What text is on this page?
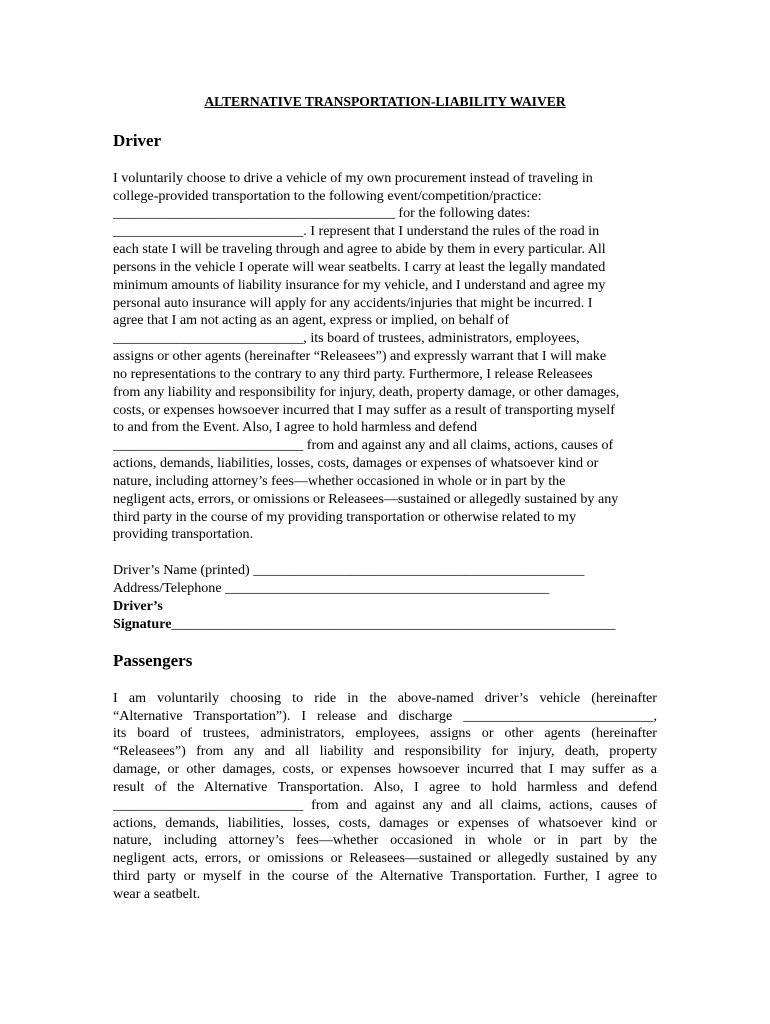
ALTERNATIVE TRANSPORTATION-LIABILITY WAIVER
Driver
I voluntarily choose to drive a vehicle of my own procurement instead of traveling in
college-provided transportation to the following event/competition/practice:
________________________________________ for the following dates:
___________________________. I represent that I understand the rules of the road in
each state I will be traveling through and agree to abide by them in every particular. All
persons in the vehicle I operate will wear seatbelts. I carry at least the legally mandated
minimum amounts of liability insurance for my vehicle, and I understand and agree my
personal auto insurance will apply for any accidents/injuries that might be incurred. I
agree that I am not acting as an agent, express or implied, on behalf of
___________________________, its board of trustees, administrators, employees,
assigns or other agents (hereinafter “Releasees”) and expressly warrant that I will make
no representations to the contrary to any third party. Furthermore, I release Releasees
from any liability and responsibility for injury, death, property damage, or other damages,
costs, or expenses howsoever incurred that I may suffer as a result of transporting myself
to and from the Event. Also, I agree to hold harmless and defend
___________________________ from and against any and all claims, actions, causes of
actions, demands, liabilities, losses, costs, damages or expenses of whatsoever kind or
nature, including attorney’s fees—whether occasioned in whole or in part by the
negligent acts, errors, or omissions or Releasees—sustained or allegedly sustained by any
third party in the course of my providing transportation or otherwise related to my
providing transportation.
Driver’s Name (printed) _______________________________________________
Address/Telephone ______________________________________________
Driver’s
Signature_______________________________________________________________
Passengers
I am voluntarily choosing to ride in the above-named driver’s vehicle (hereinafter
“Alternative Transportation”). I release and discharge ___________________________,
its board of trustees, administrators, employees, assigns or other agents (hereinafter
“Releasees”) from any and all liability and responsibility for injury, death, property
damage, or other damages, costs, or expenses howsoever incurred that I may suffer as a
result of the Alternative Transportation. Also, I agree to hold harmless and defend
___________________________ from and against any and all claims, actions, causes of
actions, demands, liabilities, losses, costs, damages or expenses of whatsoever kind or
nature, including attorney’s fees—whether occasioned in whole or in part by the
negligent acts, errors, or omissions or Releasees—sustained or allegedly sustained by any
third party or myself in the course of the Alternative Transportation. Further, I agree to
wear a seatbelt.
